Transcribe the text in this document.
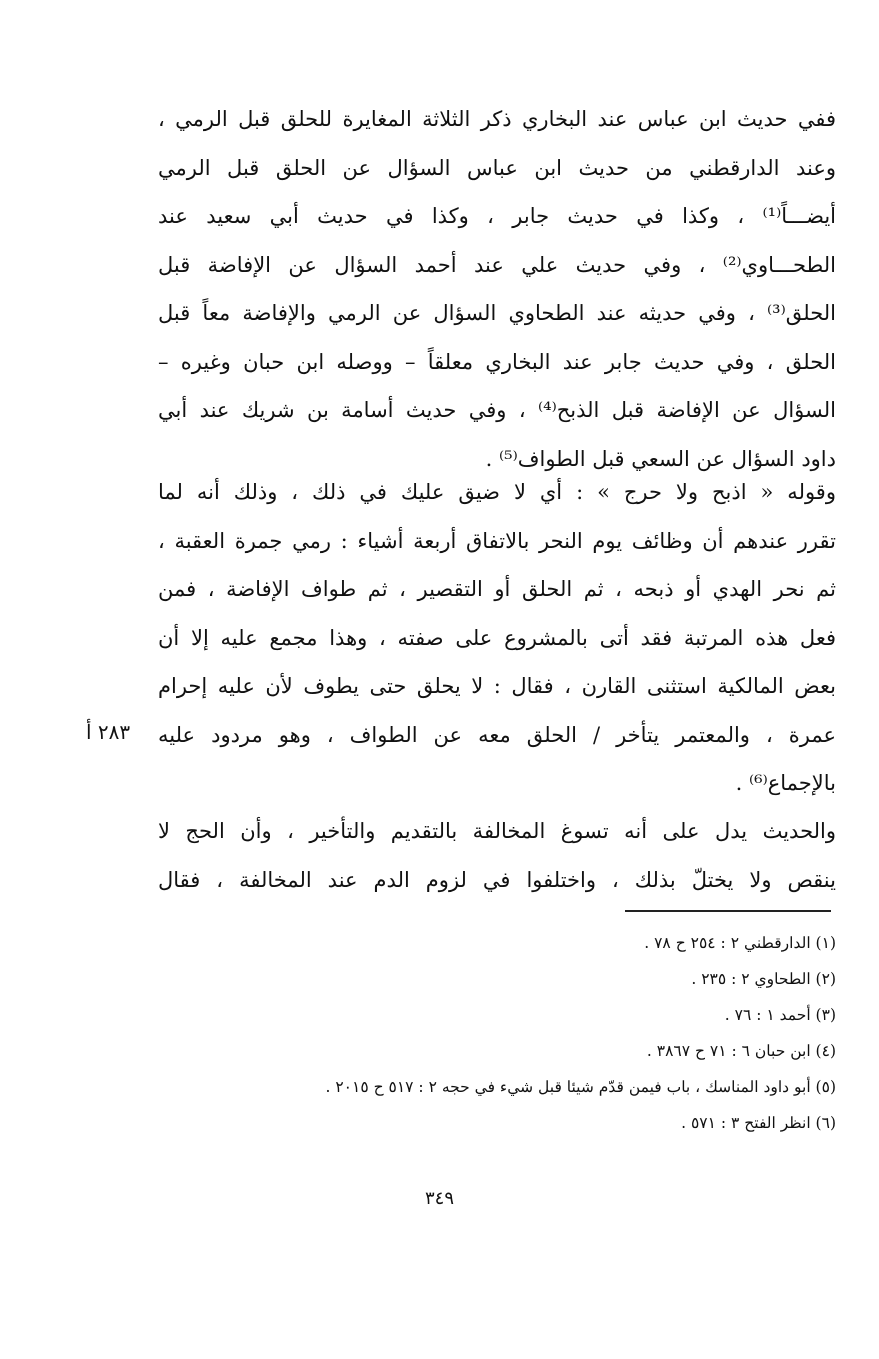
ففي حديث ابن عباس عند البخاري ذكر الثلاثة المغايرة للحلق قبل الرمي ،
وعند الدارقطني من حديث ابن عباس السؤال عن الحلق قبل الرمي
أيضـــاً⁽¹⁾ ، وكذا في حديث جابر ، وكذا في حديث أبي سعيد عند
الطحـــاوي⁽²⁾ ، وفي حديث علي عند أحمد السؤال عن الإفاضة قبل
الحلق⁽³⁾ ، وفي حديثه عند الطحاوي السؤال عن الرمي والإفاضة معاً قبل
الحلق ، وفي حديث جابر عند البخاري معلقاً – ووصله ابن حبان وغيره –
السؤال عن الإفاضة قبل الذبح⁽⁴⁾ ، وفي حديث أسامة بن شريك عند أبي
داود السؤال عن السعي قبل الطواف⁽⁵⁾ .
وقوله « اذبح ولا حرج » : أي لا ضيق عليك في ذلك ، وذلك أنه لما
تقرر عندهم أن وظائف يوم النحر بالاتفاق أربعة أشياء : رمي جمرة العقبة ،
ثم نحر الهدي أو ذبحه ، ثم الحلق أو التقصير ، ثم طواف الإفاضة ، فمن
فعل هذه المرتبة فقد أتى بالمشروع على صفته ، وهذا مجمع عليه إلا أن
بعض المالكية استثنى القارن ، فقال : لا يحلق حتى يطوف لأن عليه إحرام
عمرة ، والمعتمر يتأخر / الحلق معه عن الطواف ، وهو مردود عليه
بالإجماع⁽⁶⁾ .
٢٨٣ أ
والحديث يدل على أنه تسوغ المخالفة بالتقديم والتأخير ، وأن الحج لا
ينقص ولا يختلّ بذلك ، واختلفوا في لزوم الدم عند المخالفة ، فقال
(١) الدارقطني ٢ : ٢٥٤ ح ٧٨ .
(٢) الطحاوي ٢ : ٢٣٥ .
(٣) أحمد ١ : ٧٦ .
(٤) ابن حبان ٦ : ٧١ ح ٣٨٦٧ .
(٥) أبو داود المناسك ، باب فيمن قدّم شيئا قبل شيء في حجه ٢ : ٥١٧ ح ٢٠١٥ .
(٦) انظر الفتح ٣ : ٥٧١ .
٣٤٩
